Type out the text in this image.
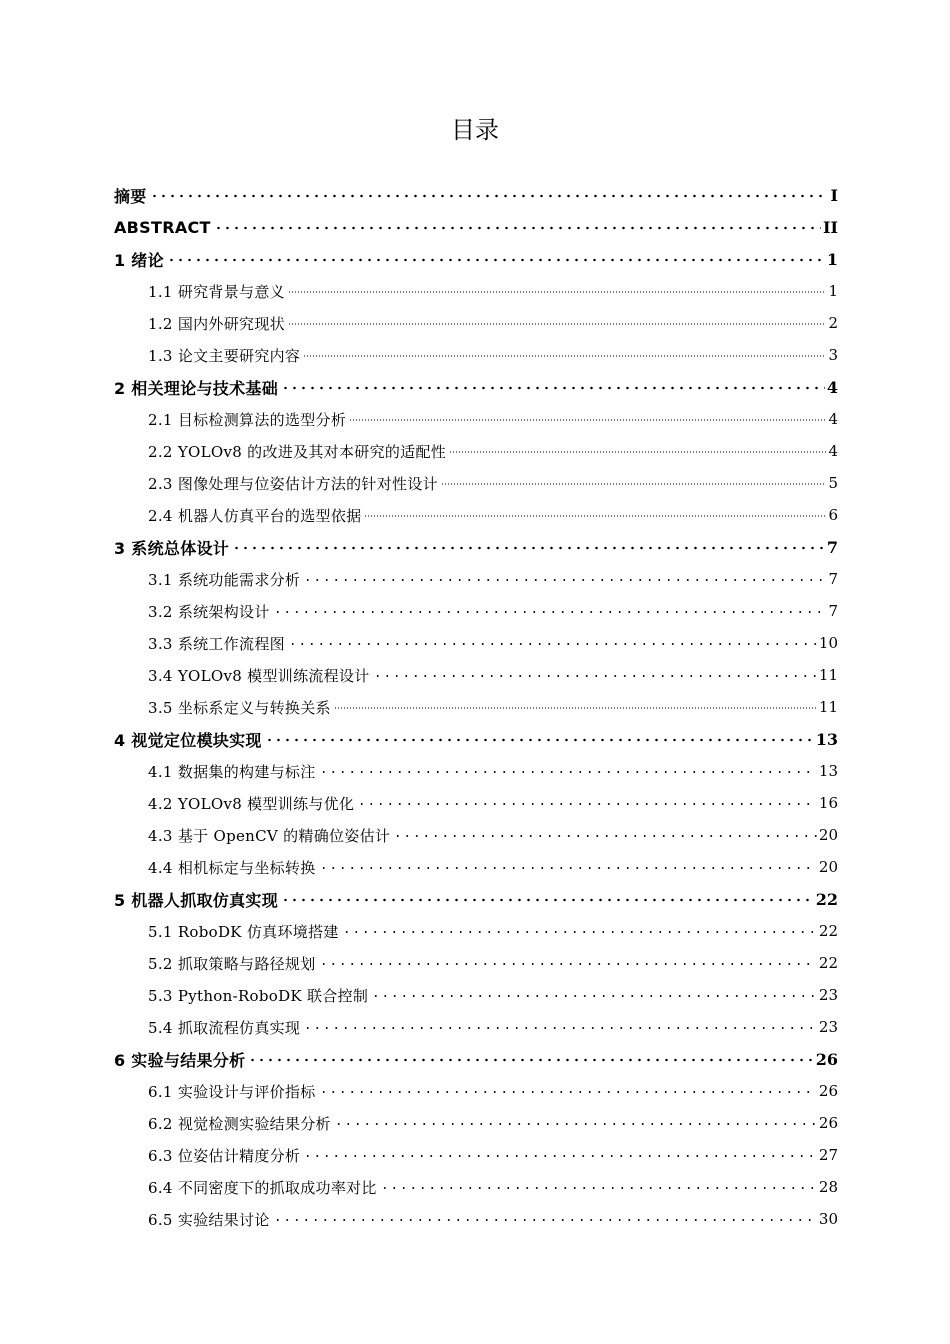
目录
摘要	I
ABSTRACT	II
1 绪论	1
1.1 研究背景与意义	1
1.2 国内外研究现状	2
1.3 论文主要研究内容	3
2 相关理论与技术基础	4
2.1 目标检测算法的选型分析	4
2.2 YOLOv8 的改进及其对本研究的适配性	4
2.3 图像处理与位姿估计方法的针对性设计	5
2.4 机器人仿真平台的选型依据	6
3 系统总体设计	7
3.1 系统功能需求分析	7
3.2 系统架构设计	7
3.3 系统工作流程图	10
3.4 YOLOv8 模型训练流程设计	11
3.5 坐标系定义与转换关系	11
4 视觉定位模块实现	13
4.1 数据集的构建与标注	13
4.2 YOLOv8 模型训练与优化	16
4.3 基于 OpenCV 的精确位姿估计	20
4.4 相机标定与坐标转换	20
5 机器人抓取仿真实现	22
5.1 RoboDK 仿真环境搭建	22
5.2 抓取策略与路径规划	22
5.3 Python-RoboDK 联合控制	23
5.4 抓取流程仿真实现	23
6 实验与结果分析	26
6.1 实验设计与评价指标	26
6.2 视觉检测实验结果分析	26
6.3 位姿估计精度分析	27
6.4 不同密度下的抓取成功率对比	28
6.5 实验结果讨论	30
